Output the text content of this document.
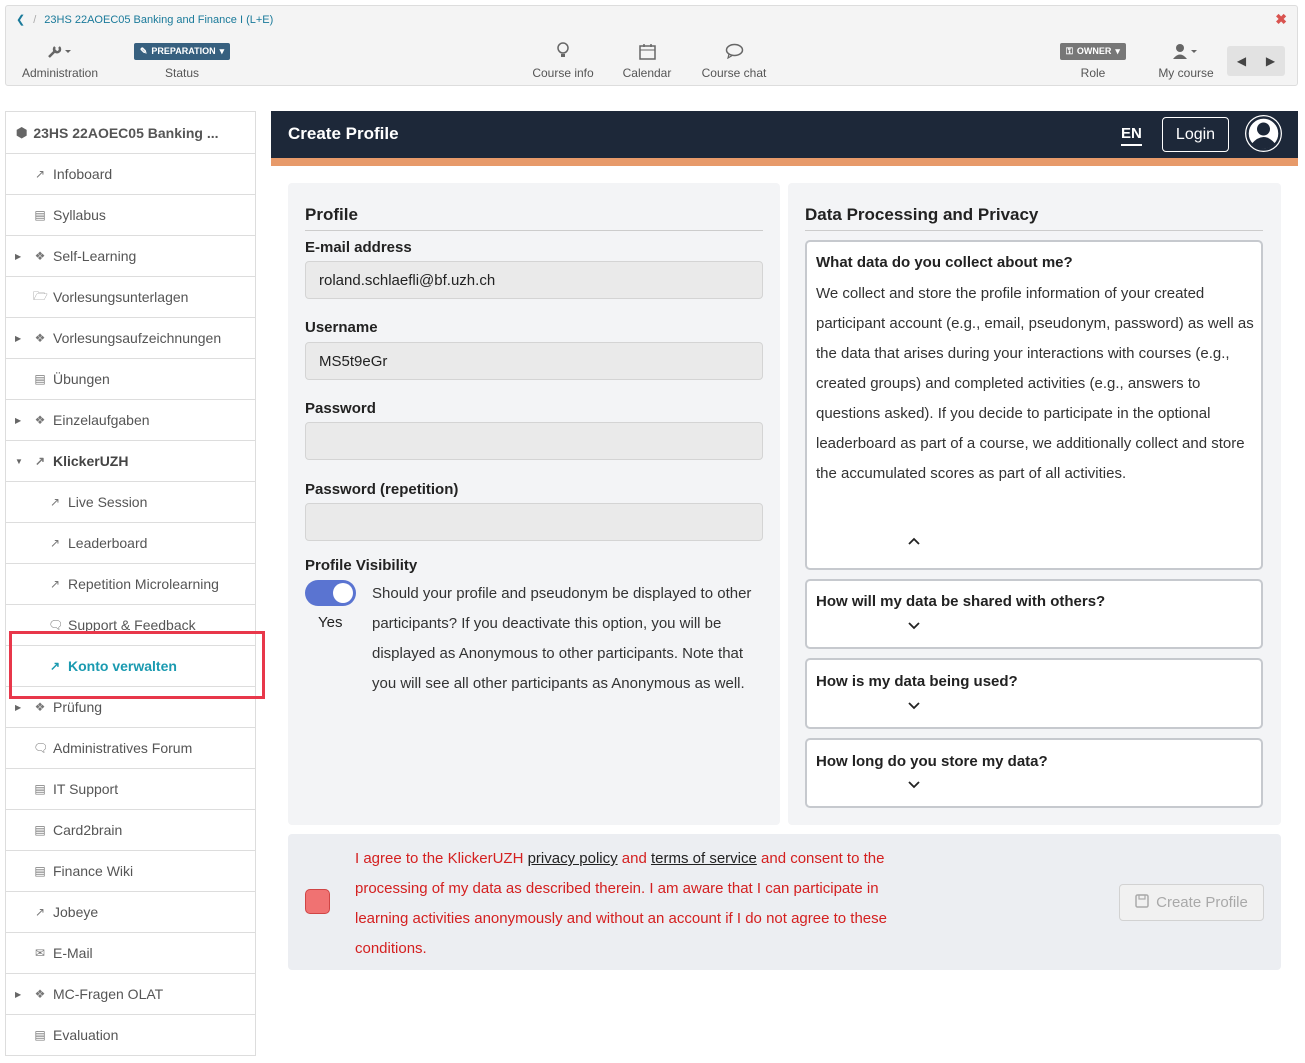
❮ / 23HS 22AOEC05 Banking and Finance I (L+E)	✖
Administration
✎ PREPARATION ▾
Status	Course info	Calendar	Course chat
⚿ OWNER ▾
Role	My course
◀	▶
⬢ 23HS 22AOEC05 Banking ...
↗ Infoboard
▤ Syllabus
▶ ❖ Self-Learning
🗁 Vorlesungsunterlagen
▶ ❖ Vorlesungsaufzeichnungen
▤ Übungen
▶ ❖ Einzelaufgaben
▼ ↗ KlickerUZH
↗ Live Session
↗ Leaderboard
↗ Repetition Microlearning
🗨 Support & Feedback
↗ Konto verwalten
▶ ❖ Prüfung
🗨 Administratives Forum
▤ IT Support
▤ Card2brain
▤ Finance Wiki
↗ Jobeye
✉ E-Mail
▶ ❖ MC-Fragen OLAT
▤ Evaluation
Create Profile	EN	Login
Profile
E-mail address
roland.schlaefli@bf.uzh.ch
Username
MS5t9eGr
Password
Password (repetition)
Profile Visibility
Yes
Should your profile and pseudonym be displayed to other participants? If you deactivate this option, you will be displayed as Anonymous to other participants. Note that you will see all other participants as Anonymous as well.
Data Processing and Privacy
What data do you collect about me?
We collect and store the profile information of your created participant account (e.g., email, pseudonym, password) as well as the data that arises during your interactions with courses (e.g., created groups) and completed activities (e.g., answers to questions asked). If you decide to participate in the optional leaderboard as part of a course, we additionally collect and store the accumulated scores as part of all activities.
How will my data be shared with others?
How is my data being used?
How long do you store my data?
I agree to the KlickerUZH privacy policy and terms of service and consent to the processing of my data as described therein. I am aware that I can participate in learning activities anonymously and without an account if I do not agree to these conditions.
Create Profile
